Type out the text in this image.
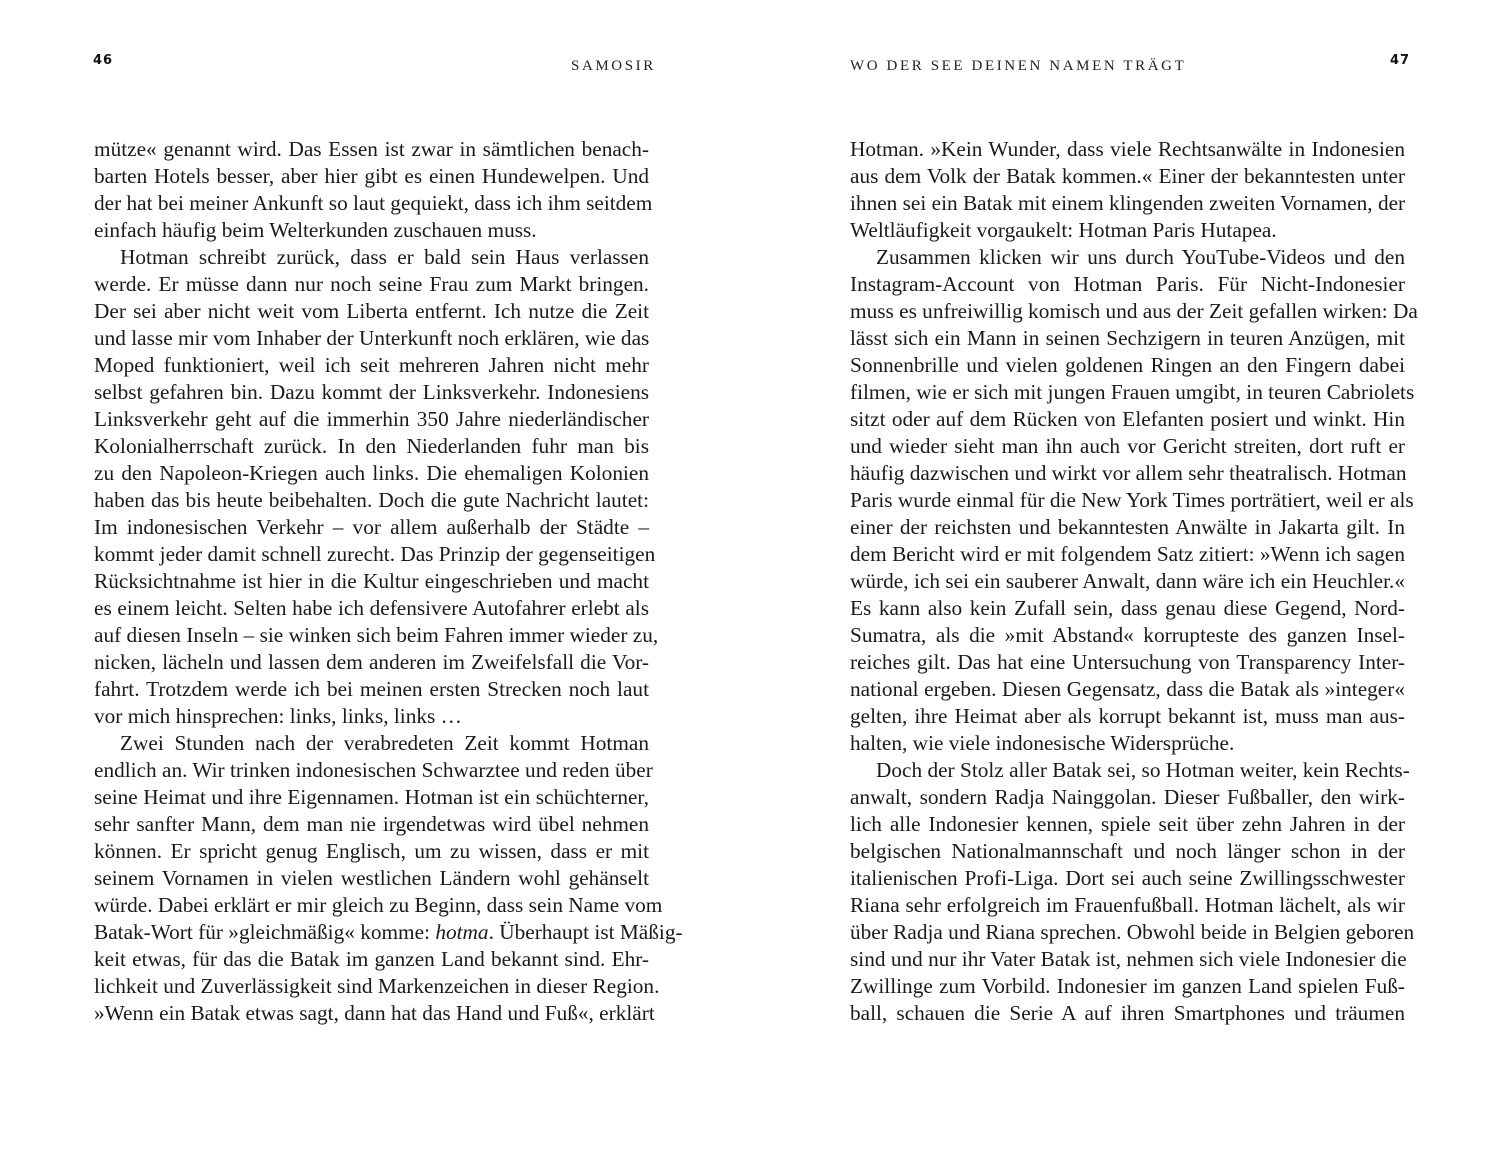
46	SAMOSIR
mütze« genannt wird. Das Essen ist zwar in sämtlichen benach-
barten Hotels besser, aber hier gibt es einen Hundewelpen. Und
der hat bei meiner Ankunft so laut gequiekt, dass ich ihm seitdem
einfach häufig beim Welterkunden zuschauen muss.
Hotman schreibt zurück, dass er bald sein Haus verlassen
werde. Er müsse dann nur noch seine Frau zum Markt bringen.
Der sei aber nicht weit vom Liberta entfernt. Ich nutze die Zeit
und lasse mir vom Inhaber der Unterkunft noch erklären, wie das
Moped funktioniert, weil ich seit mehreren Jahren nicht mehr
selbst gefahren bin. Dazu kommt der Linksverkehr. Indonesiens
Linksverkehr geht auf die immerhin 350 Jahre niederländischer
Kolonialherrschaft zurück. In den Niederlanden fuhr man bis
zu den Napoleon-Kriegen auch links. Die ehemaligen Kolonien
haben das bis heute beibehalten. Doch die gute Nachricht lautet:
Im indonesischen Verkehr – vor allem außerhalb der Städte –
kommt jeder damit schnell zurecht. Das Prinzip der gegenseitigen
Rücksichtnahme ist hier in die Kultur eingeschrieben und macht
es einem leicht. Selten habe ich defensivere Autofahrer erlebt als
auf diesen Inseln – sie winken sich beim Fahren immer wieder zu,
nicken, lächeln und lassen dem anderen im Zweifelsfall die Vor-
fahrt. Trotzdem werde ich bei meinen ersten Strecken noch laut
vor mich hinsprechen: links, links, links …
Zwei Stunden nach der verabredeten Zeit kommt Hotman
endlich an. Wir trinken indonesischen Schwarztee und reden über
seine Heimat und ihre Eigennamen. Hotman ist ein schüchterner,
sehr sanfter Mann, dem man nie irgendetwas wird übel nehmen
können. Er spricht genug Englisch, um zu wissen, dass er mit
seinem Vornamen in vielen westlichen Ländern wohl gehänselt
würde. Dabei erklärt er mir gleich zu Beginn, dass sein Name vom
Batak-Wort für »gleichmäßig« komme: hotma. Überhaupt ist Mäßig-
keit etwas, für das die Batak im ganzen Land bekannt sind. Ehr-
lichkeit und Zuverlässigkeit sind Markenzeichen in dieser Region.
»Wenn ein Batak etwas sagt, dann hat das Hand und Fuß«, erklärt
47
WO DER SEE DEINEN NAMEN TRÄGT
Hotman. »Kein Wunder, dass viele Rechtsanwälte in Indonesien
aus dem Volk der Batak kommen.« Einer der bekanntesten unter
ihnen sei ein Batak mit einem klingenden zweiten Vornamen, der
Weltläufigkeit vorgaukelt: Hotman Paris Hutapea.
Zusammen klicken wir uns durch YouTube-Videos und den
Instagram-Account von Hotman Paris. Für Nicht-Indonesier
muss es unfreiwillig komisch und aus der Zeit gefallen wirken: Da
lässt sich ein Mann in seinen Sechzigern in teuren Anzügen, mit
Sonnenbrille und vielen goldenen Ringen an den Fingern dabei
filmen, wie er sich mit jungen Frauen umgibt, in teuren Cabriolets
sitzt oder auf dem Rücken von Elefanten posiert und winkt. Hin
und wieder sieht man ihn auch vor Gericht streiten, dort ruft er
häufig dazwischen und wirkt vor allem sehr theatralisch. Hotman
Paris wurde einmal für die New York Times porträtiert, weil er als
einer der reichsten und bekanntesten Anwälte in Jakarta gilt. In
dem Bericht wird er mit folgendem Satz zitiert: »Wenn ich sagen
würde, ich sei ein sauberer Anwalt, dann wäre ich ein Heuchler.«
Es kann also kein Zufall sein, dass genau diese Gegend, Nord-
Sumatra, als die »mit Abstand« korrupteste des ganzen Insel-
reiches gilt. Das hat eine Untersuchung von Transparency Inter-
national ergeben. Diesen Gegensatz, dass die Batak als »integer«
gelten, ihre Heimat aber als korrupt bekannt ist, muss man aus-
halten, wie viele indonesische Widersprüche.
Doch der Stolz aller Batak sei, so Hotman weiter, kein Rechts-
anwalt, sondern Radja Nainggolan. Dieser Fußballer, den wirk-
lich alle Indonesier kennen, spiele seit über zehn Jahren in der
belgischen Nationalmannschaft und noch länger schon in der
italienischen Profi-Liga. Dort sei auch seine Zwillingsschwester
Riana sehr erfolgreich im Frauenfußball. Hotman lächelt, als wir
über Radja und Riana sprechen. Obwohl beide in Belgien geboren
sind und nur ihr Vater Batak ist, nehmen sich viele Indonesier die
Zwillinge zum Vorbild. Indonesier im ganzen Land spielen Fuß-
ball, schauen die Serie A auf ihren Smartphones und träumen
